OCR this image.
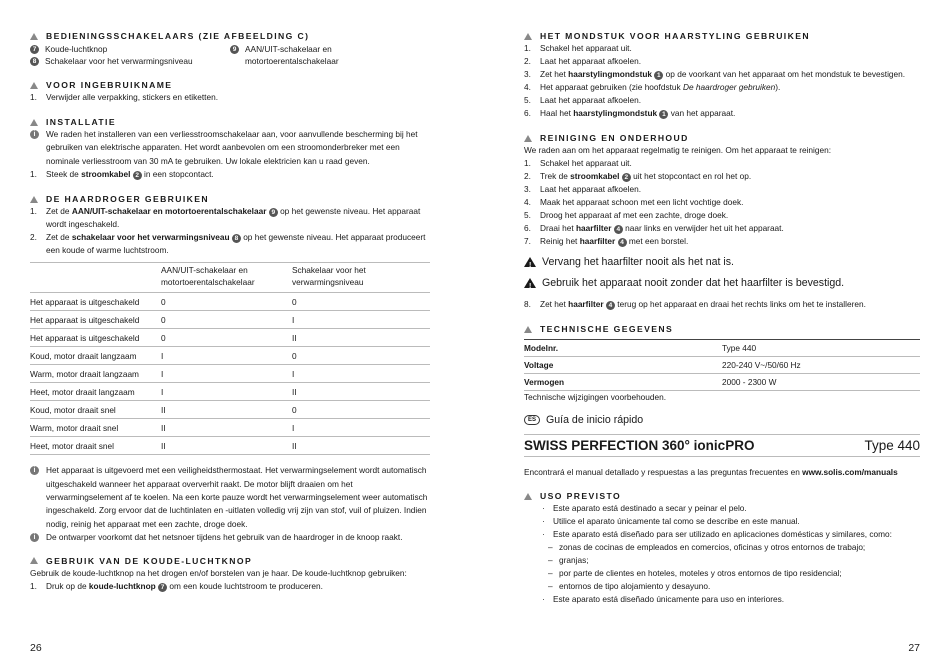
BEDIENINGSSCHAKELAARS (ZIE AFBEELDING C)
7	Koude-luchtknop
8	Schakelaar voor het verwarmingsniveau
9	AAN/UIT-schakelaar en motortoerentalschakelaar
VOOR INGEBRUIKNAME
1.	Verwijder alle verpakking, stickers en etiketten.
INSTALLATIE
i	We raden het installeren van een verliesstroomschakelaar aan, voor aanvullende bescherming bij het gebruiken van elektrische apparaten. Het wordt aanbevolen om een stroomonderbreker met een nominale verliesstroom van 30 mA te gebruiken. Uw lokale elektricien kan u raad geven.
1.	Steek de stroomkabel 2 in een stopcontact.
DE HAARDROGER GEBRUIKEN
1.	Zet de AAN/UIT-schakelaar en motortoerentalschakelaar 9 op het gewenste niveau. Het apparaat wordt ingeschakeld.
2.	Zet de schakelaar voor het verwarmingsniveau 8 op het gewenste niveau. Het apparaat produceert een koude of warme luchtstroom.
	AAN/UIT-schakelaar en motortoerentalschakelaar	Schakelaar voor het verwarmingsniveau
Het apparaat is uitgeschakeld	0	0
Het apparaat is uitgeschakeld	0	I
Het apparaat is uitgeschakeld	0	II
Koud, motor draait langzaam	I	0
Warm, motor draait langzaam	I	I
Heet, motor draait langzaam	I	II
Koud, motor draait snel	II	0
Warm, motor draait snel	II	I
Heet, motor draait snel	II	II
i	Het apparaat is uitgevoerd met een veiligheidsthermostaat. Het verwarmingselement wordt automatisch uitgeschakeld wanneer het apparaat oververhit raakt. De motor blijft draaien om het verwarmingselement af te koelen. Na een korte pauze wordt het verwarmingselement weer automatisch ingeschakeld. Zorg ervoor dat de luchtinlaten en -uitlaten volledig vrij zijn van stof, vuil of pluizen. Indien nodig, reinig het apparaat met een zachte, droge doek.
i	De ontwarper voorkomt dat het netsnoer tijdens het gebruik van de haardroger in de knoop raakt.
GEBRUIK VAN DE KOUDE-LUCHTKNOP
Gebruik de koude-luchtknop na het drogen en/of borstelen van je haar. De koude-luchtknop gebruiken:
1.	Druk op de koude-luchtknop 7 om een koude luchtstroom te produceren.
26
HET MONDSTUK VOOR HAARSTYLING GEBRUIKEN
1.	Schakel het apparaat uit.
2.	Laat het apparaat afkoelen.
3.	Zet het haarstylingmondstuk 1 op de voorkant van het apparaat om het mondstuk te bevestigen.
4.	Het apparaat gebruiken (zie hoofdstuk De haardroger gebruiken).
5.	Laat het apparaat afkoelen.
6.	Haal het haarstylingmondstuk 1 van het apparaat.
REINIGING EN ONDERHOUD
We raden aan om het apparaat regelmatig te reinigen. Om het apparaat te reinigen:
1.	Schakel het apparaat uit.
2.	Trek de stroomkabel 2 uit het stopcontact en rol het op.
3.	Laat het apparaat afkoelen.
4.	Maak het apparaat schoon met een licht vochtige doek.
5.	Droog het apparaat af met een zachte, droge doek.
6.	Draai het haarfilter 4 naar links en verwijder het uit het apparaat.
7.	Reinig het haarfilter 4 met een borstel.
! Vervang het haarfilter nooit als het nat is.
! Gebruik het apparaat nooit zonder dat het haarfilter is bevestigd.
8.	Zet het haarfilter 4 terug op het apparaat en draai het rechts links om het te installeren.
TECHNISCHE GEGEVENS
Modelnr.	Type 440
Voltage	220-240 V~/50/60 Hz
Vermogen	2000 - 2300 W
Technische wijzigingen voorbehouden.
ES Guía de inicio rápido
SWISS PERFECTION 360° ionicPRO	Type 440
Encontrará el manual detallado y respuestas a las preguntas frecuentes en www.solis.com/manuals
USO PREVISTO
· Este aparato está destinado a secar y peinar el pelo.
· Utilice el aparato únicamente tal como se describe en este manual.
· Este aparato está diseñado para ser utilizado en aplicaciones domésticas y similares, como:
– zonas de cocinas de empleados en comercios, oficinas y otros entornos de trabajo;
– granjas;
– por parte de clientes en hoteles, moteles y otros entornos de tipo residencial;
– entornos de tipo alojamiento y desayuno.
· Este aparato está diseñado únicamente para uso en interiores.
27
